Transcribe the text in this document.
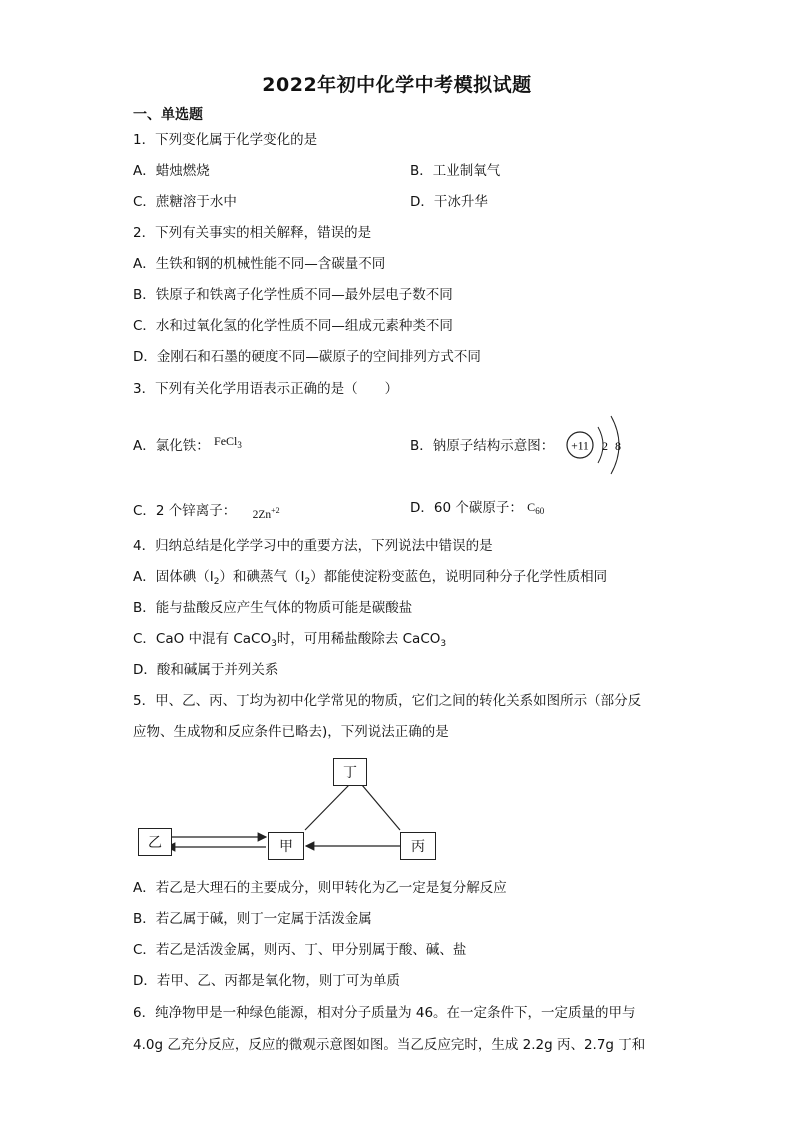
2022年初中化学中考模拟试题
一、单选题
1．下列变化属于化学变化的是
A．蜡烛燃烧	B．工业制氧气
C．蔗糖溶于水中	D．干冰升华
2．下列有关事实的相关解释，错误的是
A．生铁和钢的机械性能不同—含碳量不同
B．铁原子和铁离子化学性质不同—最外层电子数不同
C．水和过氧化氢的化学性质不同—组成元素种类不同
D．金刚石和石墨的硬度不同—碳原子的空间排列方式不同
3．下列有关化学用语表示正确的是（　　）
A．氯化铁： FeCl$_3$	B．钠原子结构示意图： +11 2 8
C．2 个锌离子： $2Zn^{+2}$	D．60 个碳原子： $C_{60}$
4．归纳总结是化学学习中的重要方法，下列说法中错误的是
A．固体碘$(I_2)$和碘蒸气$(I_2)$都能使淀粉变蓝色，说明同种分子化学性质相同
B．能与盐酸反应产生气体的物质可能是碳酸盐
C．CaO 中混有 CaCO$_3$时，可用稀盐酸除去 CaCO$_3$
D．酸和碱属于并列关系
5．甲、乙、丙、丁均为初中化学常见的物质，它们之间的转化关系如图所示（部分反
应物、生成物和反应条件已略去)，下列说法正确的是
丁
乙	甲	丙
A．若乙是大理石的主要成分，则甲转化为乙一定是复分解反应
B．若乙属于碱，则丁一定属于活泼金属
C．若乙是活泼金属，则丙、丁、甲分别属于酸、碱、盐
D．若甲、乙、丙都是氧化物，则丁可为单质
6．纯净物甲是一种绿色能源，相对分子质量为 46。在一定条件下，一定质量的甲与
4.0g 乙充分反应，反应的微观示意图如图。当乙反应完时，生成 2.2g 丙、2.7g 丁和
